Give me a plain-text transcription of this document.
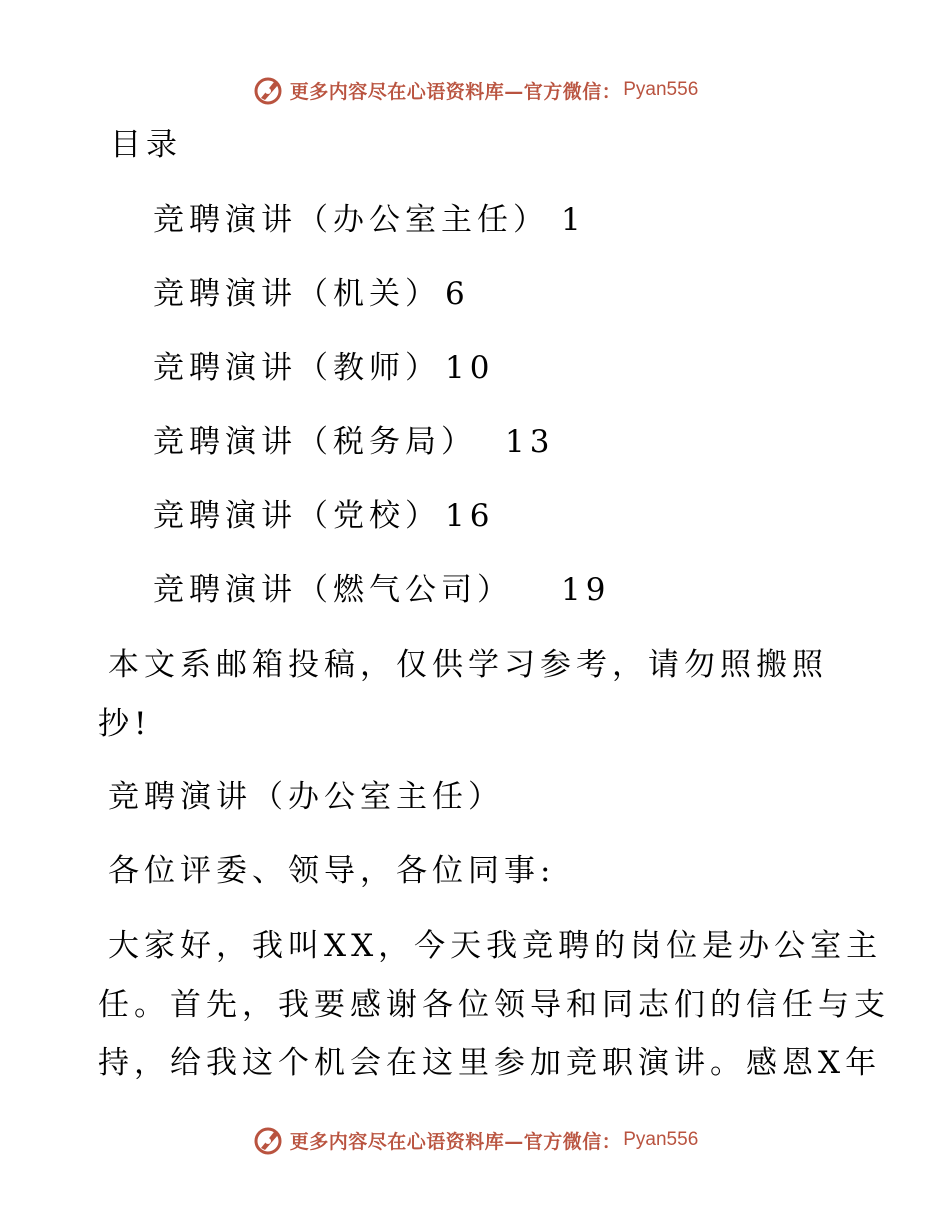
更多内容尽在心语资料库—官方微信： Pyan556
目录
竞聘演讲（办公室主任） 1
竞聘演讲（机关） 6
竞聘演讲（教师） 10
竞聘演讲（税务局） 13
竞聘演讲（党校） 16
竞聘演讲（燃气公司） 19
本文系邮箱投稿，仅供学习参考，请勿照搬照
抄!
竞聘演讲（办公室主任）
各位评委、领导，各位同事:
大家好，我叫XX，今天我竞聘的岗位是办公室主
任。首先，我要感谢各位领导和同志们的信任与支
持，给我这个机会在这里参加竞职演讲。感恩X年
更多内容尽在心语资料库—官方微信： Pyan556
